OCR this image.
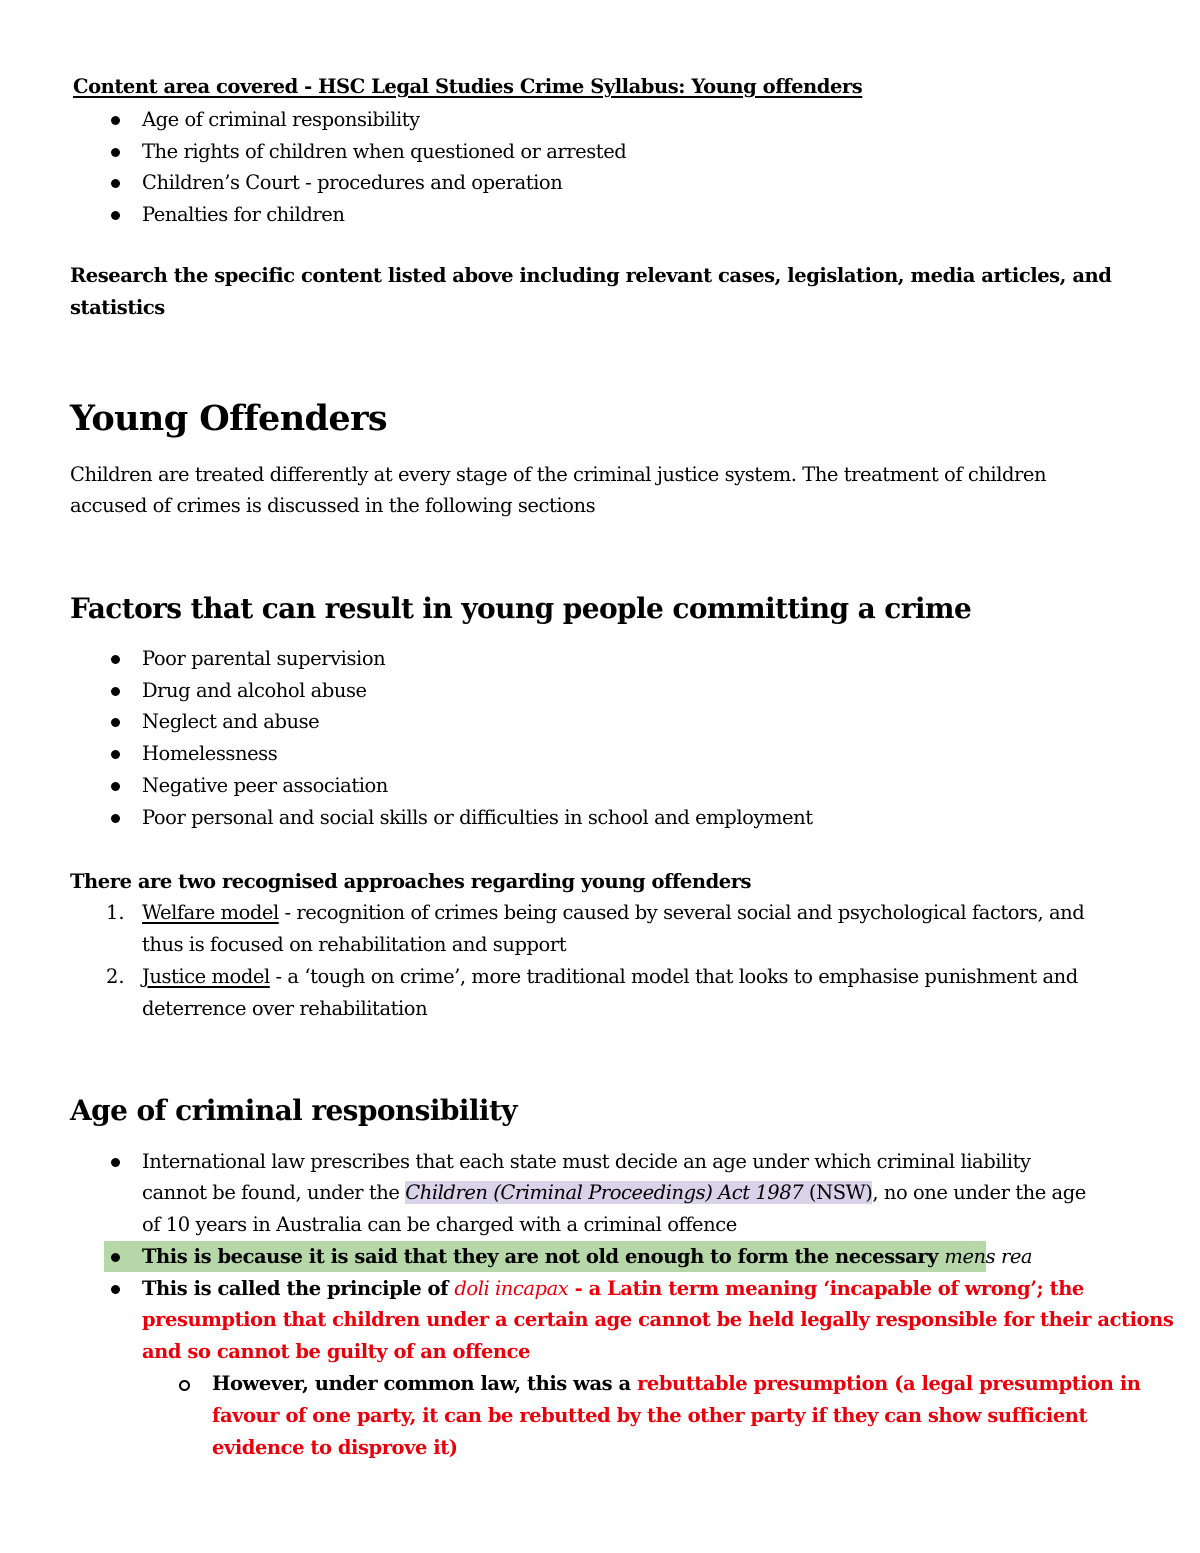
Content area covered - HSC Legal Studies Crime Syllabus: Young offenders
Age of criminal responsibility
The rights of children when questioned or arrested
Children’s Court - procedures and operation
Penalties for children
Research the specific content listed above including relevant cases, legislation, media articles, and
statistics
Young Offenders
Children are treated differently at every stage of the criminal justice system. The treatment of children
accused of crimes is discussed in the following sections
Factors that can result in young people committing a crime
Poor parental supervision
Drug and alcohol abuse
Neglect and abuse
Homelessness
Negative peer association
Poor personal and social skills or difficulties in school and employment
There are two recognised approaches regarding young offenders
1. Welfare model - recognition of crimes being caused by several social and psychological factors, and
thus is focused on rehabilitation and support
2. Justice model - a ‘tough on crime’, more traditional model that looks to emphasise punishment and
deterrence over rehabilitation
Age of criminal responsibility
International law prescribes that each state must decide an age under which criminal liability
cannot be found, under the Children (Criminal Proceedings) Act 1987 (NSW), no one under the age
of 10 years in Australia can be charged with a criminal offence
This is because it is said that they are not old enough to form the necessary mens rea
This is called the principle of doli incapax - a Latin term meaning ‘incapable of wrong’; the
presumption that children under a certain age cannot be held legally responsible for their actions
and so cannot be guilty of an offence
However, under common law, this was a rebuttable presumption (a legal presumption in
favour of one party, it can be rebutted by the other party if they can show sufficient
evidence to disprove it)
